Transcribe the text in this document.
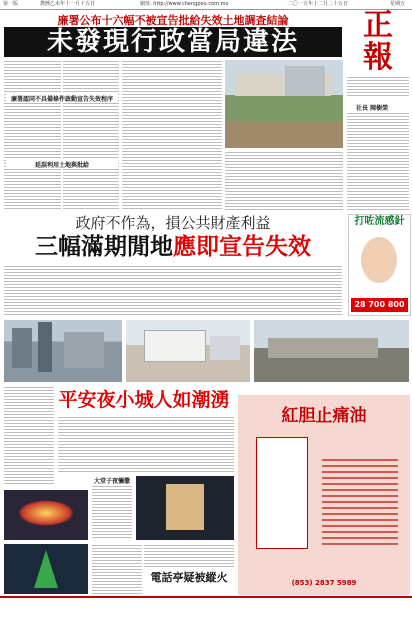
第一版	農曆乙未年十一月十五日	網址: http://www.chengpou.com.mo	二〇一五年十二月二十五日	星期五
廉署公布十六幅不被宣告批給失效土地調查結論
未發現行政當局違法
廉署認同不具備條件啟動宣告失效程序
延誤利用土地與批給
正
報
社長 陳樹榮
政府不作為，損公共財產利益
三幅滿期閒地應即宣告失效
打咗流感針
28 700 800
平安夜小城人如潮湧
大堂子夜彌撒
電話亭疑被縱火
紅胆止痛油
(853) 2837 5989
